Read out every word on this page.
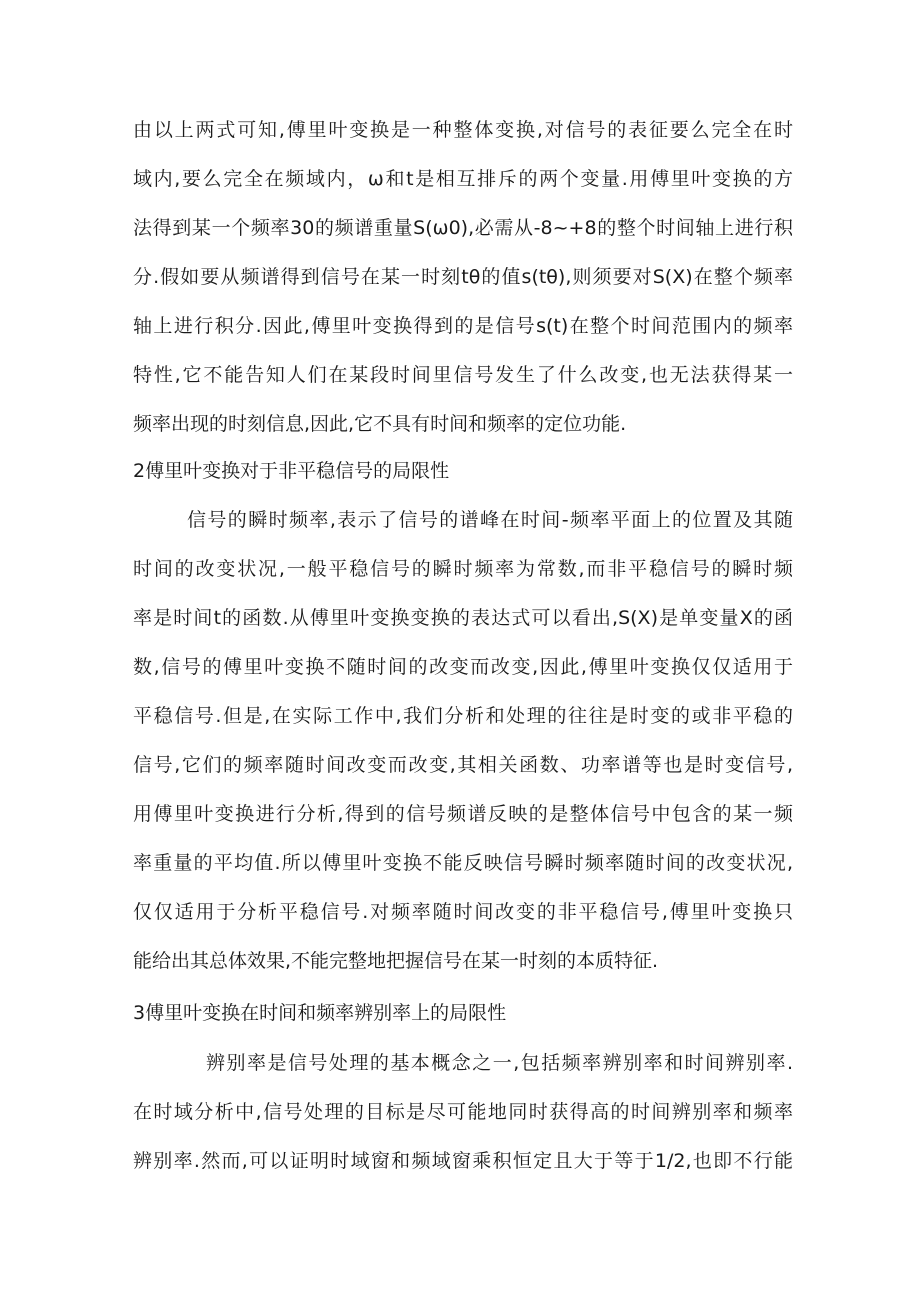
由以上两式可知,傅里叶变换是一种整体变换,对信号的表征要么完全在时
域内,要么完全在频域内，ω和t是相互排斥的两个变量.用傅里叶变换的方
法得到某一个频率30的频谱重量S(ω0),必需从-8~+8的整个时间轴上进行积
分.假如要从频谱得到信号在某一时刻tθ的值s(tθ),则须要对S(X)在整个频率
轴上进行积分.因此,傅里叶变换得到的是信号s(t)在整个时间范围内的频率
特性,它不能告知人们在某段时间里信号发生了什么改变,也无法获得某一
频率出现的时刻信息,因此,它不具有时间和频率的定位功能.
2傅里叶变换对于非平稳信号的局限性
信号的瞬时频率,表示了信号的谱峰在时间-频率平面上的位置及其随
时间的改变状况,一般平稳信号的瞬时频率为常数,而非平稳信号的瞬时频
率是时间t的函数.从傅里叶变换变换的表达式可以看出,S(X)是单变量X的函
数,信号的傅里叶变换不随时间的改变而改变,因此,傅里叶变换仅仅适用于
平稳信号.但是,在实际工作中,我们分析和处理的往往是时变的或非平稳的
信号,它们的频率随时间改变而改变,其相关函数、功率谱等也是时变信号,
用傅里叶变换进行分析,得到的信号频谱反映的是整体信号中包含的某一频
率重量的平均值.所以傅里叶变换不能反映信号瞬时频率随时间的改变状况,
仅仅适用于分析平稳信号.对频率随时间改变的非平稳信号,傅里叶变换只
能给出其总体效果,不能完整地把握信号在某一时刻的本质特征.
3傅里叶变换在时间和频率辨别率上的局限性
辨别率是信号处理的基本概念之一,包括频率辨别率和时间辨别率.
在时域分析中,信号处理的目标是尽可能地同时获得高的时间辨别率和频率
辨别率.然而,可以证明时域窗和频域窗乘积恒定且大于等于1/2,也即不行能
